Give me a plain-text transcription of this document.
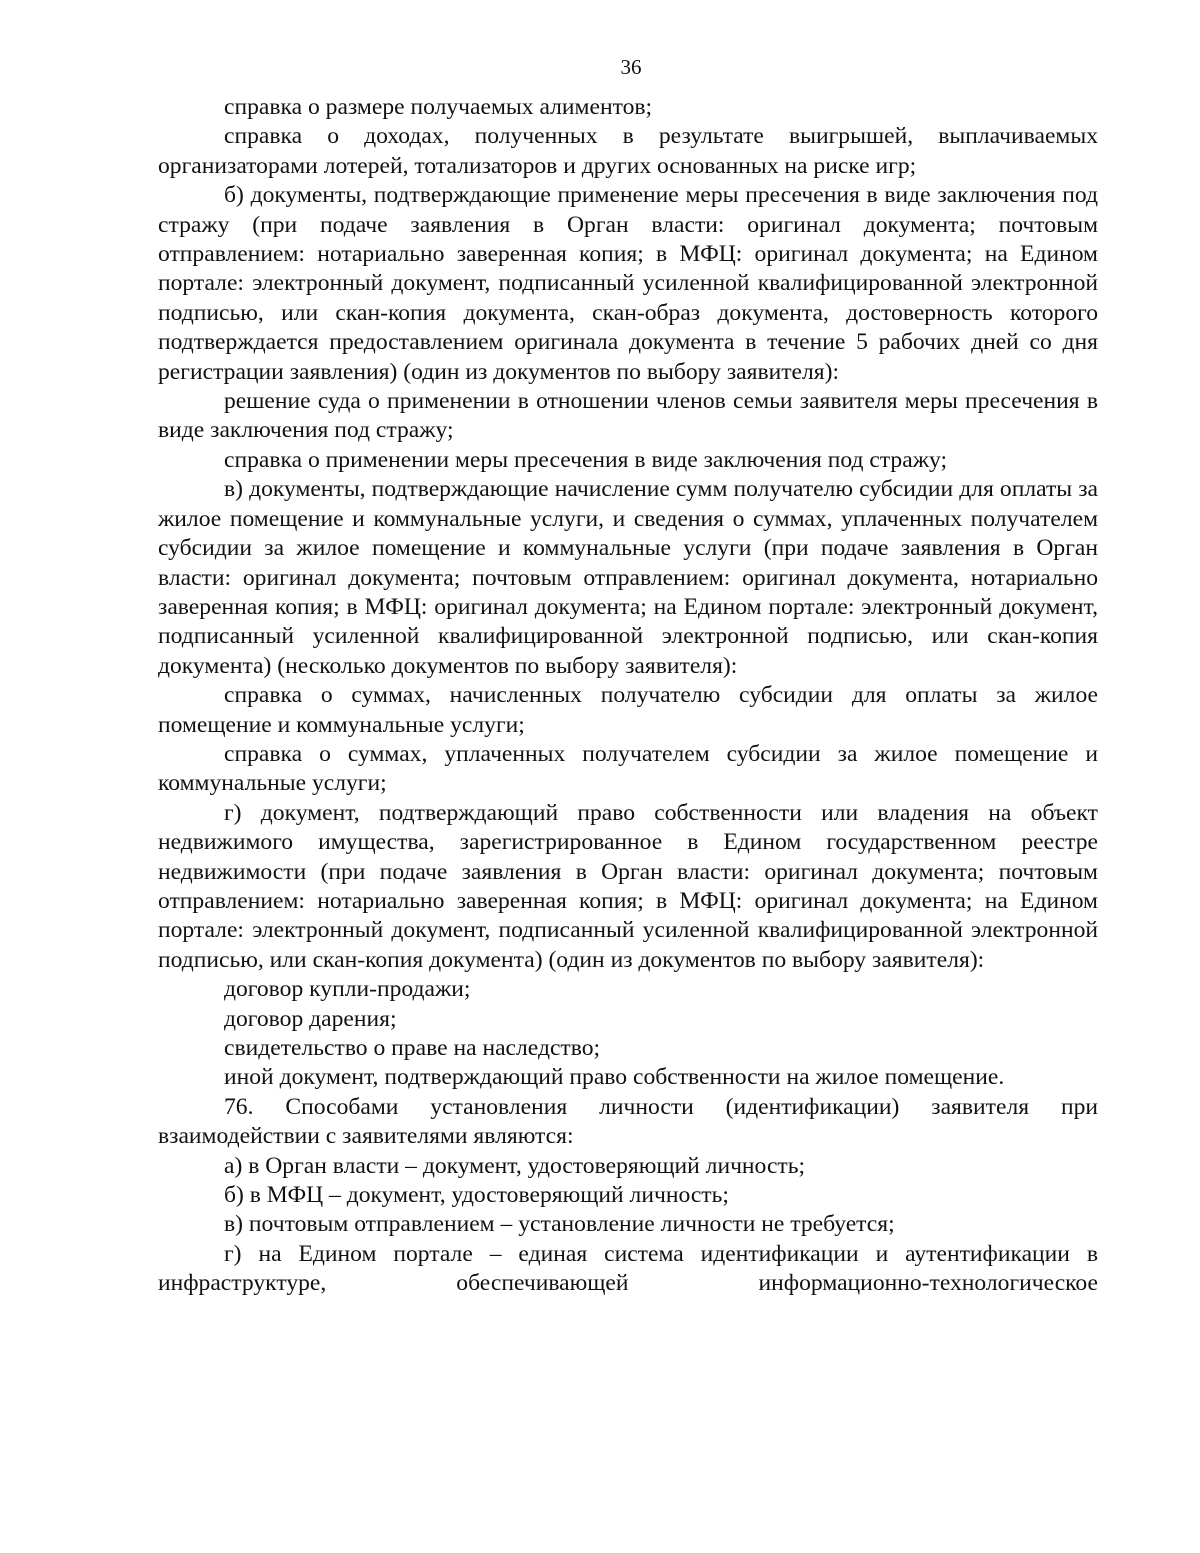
36

справка о размере получаемых алиментов;

справка о доходах, полученных в результате выигрышей, выплачиваемых организаторами лотерей, тотализаторов и других основанных на риске игр;

б) документы, подтверждающие применение меры пресечения в виде заключения под стражу (при подаче заявления в Орган власти: оригинал документа; почтовым отправлением: нотариально заверенная копия; в МФЦ: оригинал документа; на Едином портале: электронный документ, подписанный усиленной квалифицированной электронной подписью, или скан-копия документа, скан-образ документа, достоверность которого подтверждается предоставлением оригинала документа в течение 5 рабочих дней со дня регистрации заявления) (один из документов по выбору заявителя):

решение суда о применении в отношении членов семьи заявителя меры пресечения в виде заключения под стражу;

справка о применении меры пресечения в виде заключения под стражу;

в) документы, подтверждающие начисление сумм получателю субсидии для оплаты за жилое помещение и коммунальные услуги, и сведения о суммах, уплаченных получателем субсидии за жилое помещение и коммунальные услуги (при подаче заявления в Орган власти: оригинал документа; почтовым отправлением: оригинал документа, нотариально заверенная копия; в МФЦ: оригинал документа; на Едином портале: электронный документ, подписанный усиленной квалифицированной электронной подписью, или скан-копия документа) (несколько документов по выбору заявителя):

справка о суммах, начисленных получателю субсидии для оплаты за жилое помещение и коммунальные услуги;

справка о суммах, уплаченных получателем субсидии за жилое помещение и коммунальные услуги;

г) документ, подтверждающий право собственности или владения на объект недвижимого имущества, зарегистрированное в Едином государственном реестре недвижимости (при подаче заявления в Орган власти: оригинал документа; почтовым отправлением: нотариально заверенная копия; в МФЦ: оригинал документа; на Едином портале: электронный документ, подписанный усиленной квалифицированной электронной подписью, или скан-копия документа) (один из документов по выбору заявителя):

договор купли-продажи;

договор дарения;

свидетельство о праве на наследство;

иной документ, подтверждающий право собственности на жилое помещение.

76. Способами установления личности (идентификации) заявителя при взаимодействии с заявителями являются:

а) в Орган власти – документ, удостоверяющий личность;

б) в МФЦ – документ, удостоверяющий личность;

в) почтовым отправлением – установление личности не требуется;

г) на Едином портале – единая система идентификации и аутентификации в инфраструктуре, обеспечивающей информационно-технологическое
